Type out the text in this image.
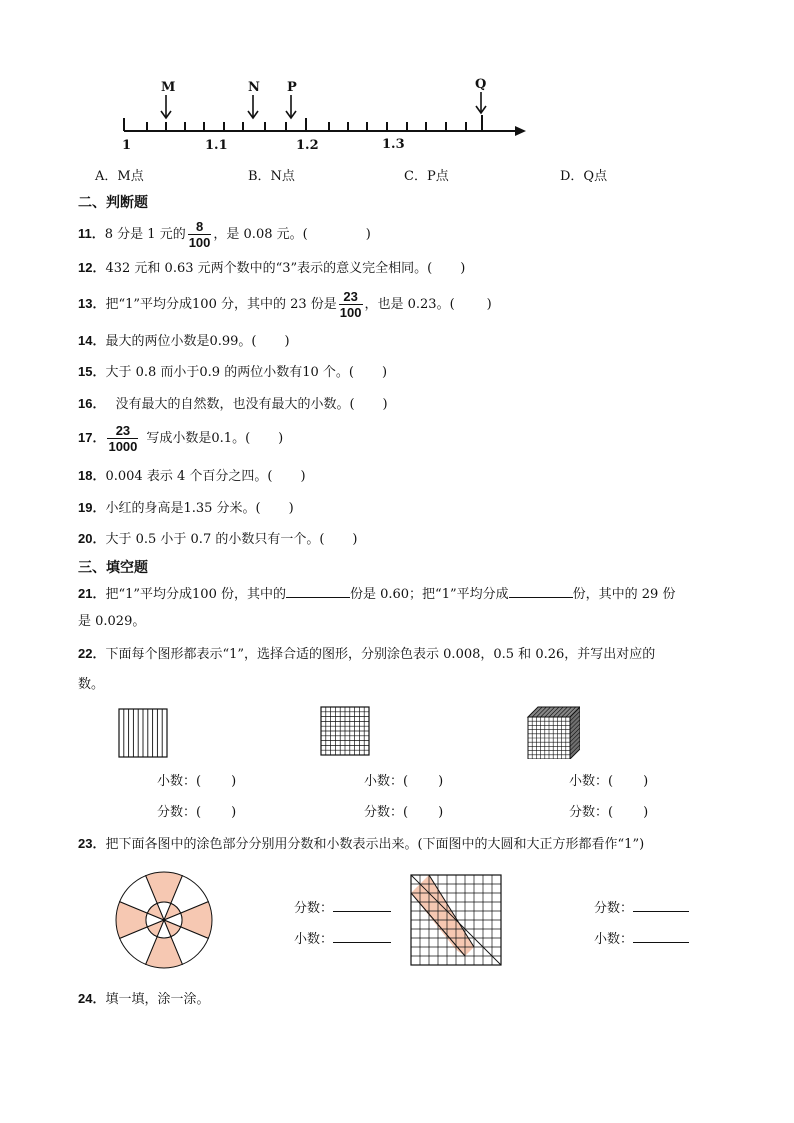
M	N P	Q
1	1.1	1.2	1.3
A．M点	B．N点	C．P点	D．Q点
二、判断题
11．8 分是 1 元的 $\frac{8}{100}$ ，是 0.08 元。(	)
12．432 元和 0.63 元两个数中的“3”表示的意义完全相同。( )
13．把“1”平均分成100 分，其中的 23 份是 $\frac{23}{100}$ ，也是 0.23。( )
14．最大的两位小数是0.99。( )
15．大于 0.8 而小于0.9 的两位小数有10 个。( )
16． 没有最大的自然数，也没有最大的小数。( )
17． $\frac{23}{1000}$ 写成小数是0.1。( )
18．0.004 表示 4 个百分之四。( )
19．小红的身高是1.35 分米。( )
20．大于 0.5 小于 0.7 的小数只有一个。( )
三、填空题
21．把“1”平均分成100 份，其中的	份是 0.60；把“1”平均分成	份，其中的 29 份
是 0.029。
22．下面每个图形都表示“1”，选择合适的图形，分别涂色表示 0.008，0.5 和 0.26，并写出对应的
数。
小数：( )
分数：( )
小数：( )
分数：( )
小数：( )
分数：( )
23．把下面各图中的涂色部分分别用分数和小数表示出来。(下面图中的大圆和大正方形都看作“1”)
分数：
小数：
分数：
小数：
24．填一填，涂一涂。
